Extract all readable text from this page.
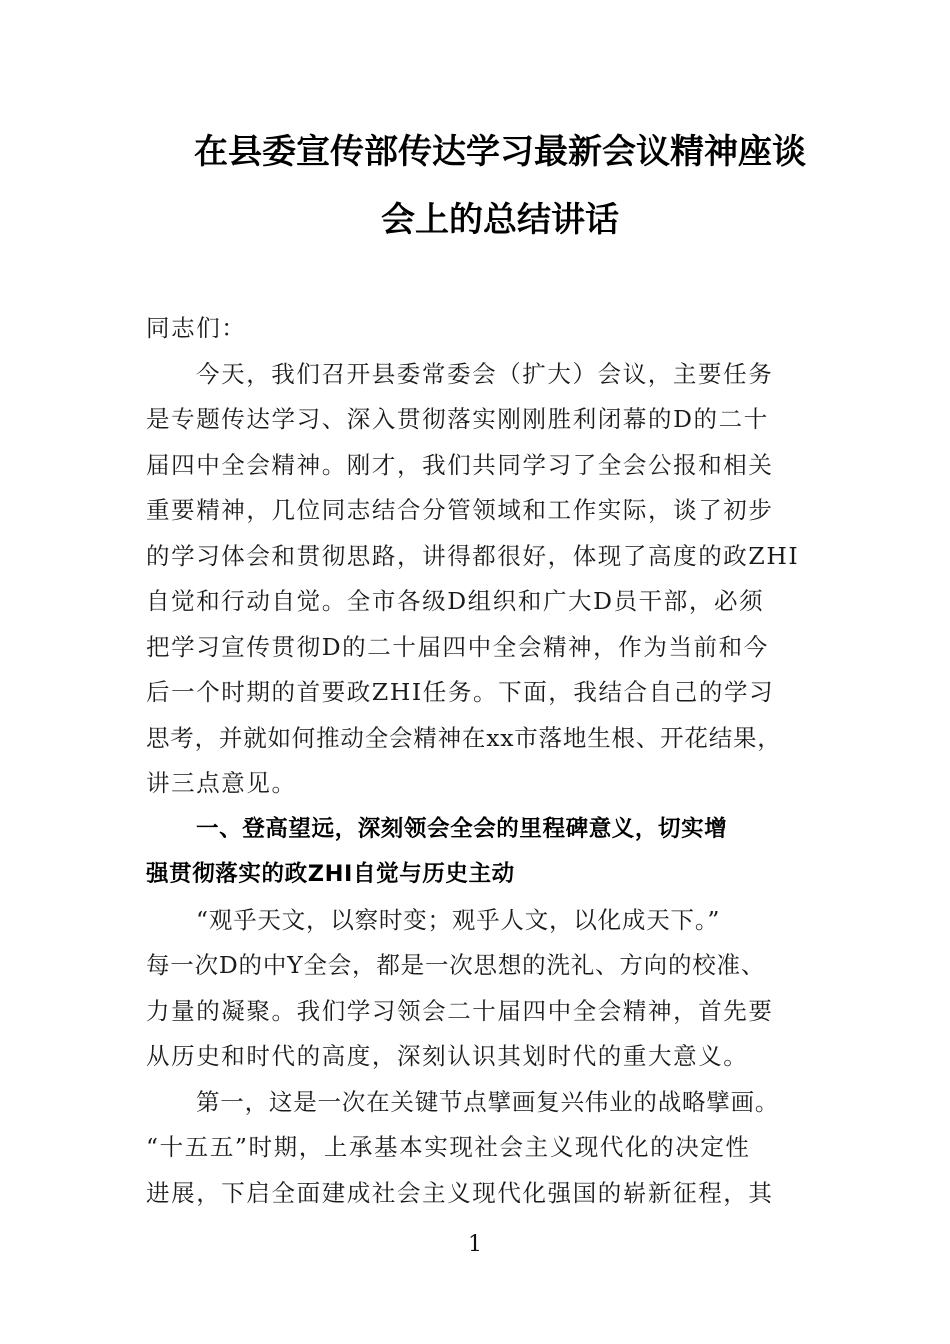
在县委宣传部传达学习最新会议精神座谈
会上的总结讲话
同志们：
今天，我们召开县委常委会（扩大）会议，主要任务
是专题传达学习、深入贯彻落实刚刚胜利闭幕的D的二十
届四中全会精神。刚才，我们共同学习了全会公报和相关
重要精神，几位同志结合分管领域和工作实际，谈了初步
的学习体会和贯彻思路，讲得都很好，体现了高度的政ZHI
自觉和行动自觉。全市各级D组织和广大D员干部，必须
把学习宣传贯彻D的二十届四中全会精神，作为当前和今
后一个时期的首要政ZHI任务。下面，我结合自己的学习
思考，并就如何推动全会精神在xx市落地生根、开花结果，
讲三点意见。
一、登高望远，深刻领会全会的里程碑意义，切实增
强贯彻落实的政ZHI自觉与历史主动
“观乎天文，以察时变；观乎人文，以化成天下。”
每一次D的中Y全会，都是一次思想的洗礼、方向的校准、
力量的凝聚。我们学习领会二十届四中全会精神，首先要
从历史和时代的高度，深刻认识其划时代的重大意义。
第一，这是一次在关键节点擘画复兴伟业的战略擘画。
“十五五”时期，上承基本实现社会主义现代化的决定性
进展，下启全面建成社会主义现代化强国的崭新征程，其
1
